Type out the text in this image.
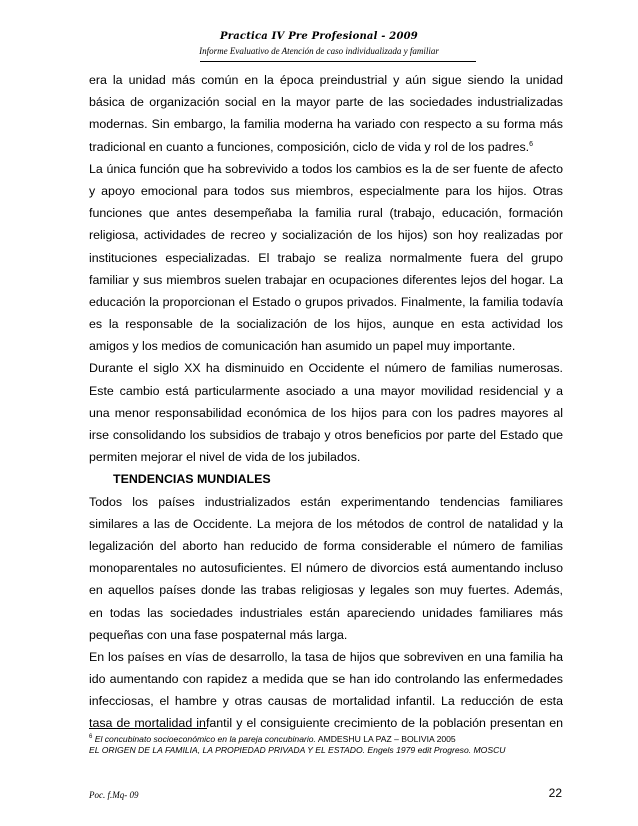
Practica IV Pre Profesional - 2009
Informe Evaluativo de Atención de caso individualizada y familiar
era la unidad más común en la época preindustrial y aún sigue siendo la unidad
básica de organización social en la mayor parte de las sociedades industrializadas
modernas. Sin embargo, la familia moderna ha variado con respecto a su forma más
tradicional en cuanto a funciones, composición, ciclo de vida y rol de los padres.$^6$
La única función que ha sobrevivido a todos los cambios es la de ser fuente de afecto
y apoyo emocional para todos sus miembros, especialmente para los hijos. Otras
funciones que antes desempeñaba la familia rural (trabajo, educación, formación
religiosa, actividades de recreo y socialización de los hijos) son hoy realizadas por
instituciones especializadas. El trabajo se realiza normalmente fuera del grupo
familiar y sus miembros suelen trabajar en ocupaciones diferentes lejos del hogar. La
educación la proporcionan el Estado o grupos privados. Finalmente, la familia todavía
es la responsable de la socialización de los hijos, aunque en esta actividad los
amigos y los medios de comunicación han asumido un papel muy importante.
Durante el siglo XX ha disminuido en Occidente el número de familias numerosas.
Este cambio está particularmente asociado a una mayor movilidad residencial y a
una menor responsabilidad económica de los hijos para con los padres mayores al
irse consolidando los subsidios de trabajo y otros beneficios por parte del Estado que
permiten mejorar el nivel de vida de los jubilados.
TENDENCIAS MUNDIALES
Todos los países industrializados están experimentando tendencias familiares
similares a las de Occidente. La mejora de los métodos de control de natalidad y la
legalización del aborto han reducido de forma considerable el número de familias
monoparentales no autosuficientes. El número de divorcios está aumentando incluso
en aquellos países donde las trabas religiosas y legales son muy fuertes. Además,
en todas las sociedades industriales están apareciendo unidades familiares más
pequeñas con una fase pospaternal más larga.
En los países en vías de desarrollo, la tasa de hijos que sobreviven en una familia ha
ido aumentando con rapidez a medida que se han ido controlando las enfermedades
infecciosas, el hambre y otras causas de mortalidad infantil. La reducción de esta
tasa de mortalidad infantil y el consiguiente crecimiento de la población presentan en
$^6$ El concubinato socioeconómico en la pareja concubinario. AMDESHU LA PAZ – BOLIVIA 2005
EL ORIGEN DE LA FAMILIA, LA PROPIEDAD PRIVADA Y EL ESTADO. Engels 1979 edit Progreso. MOSCU
Poc. f.Mq- 09	22
